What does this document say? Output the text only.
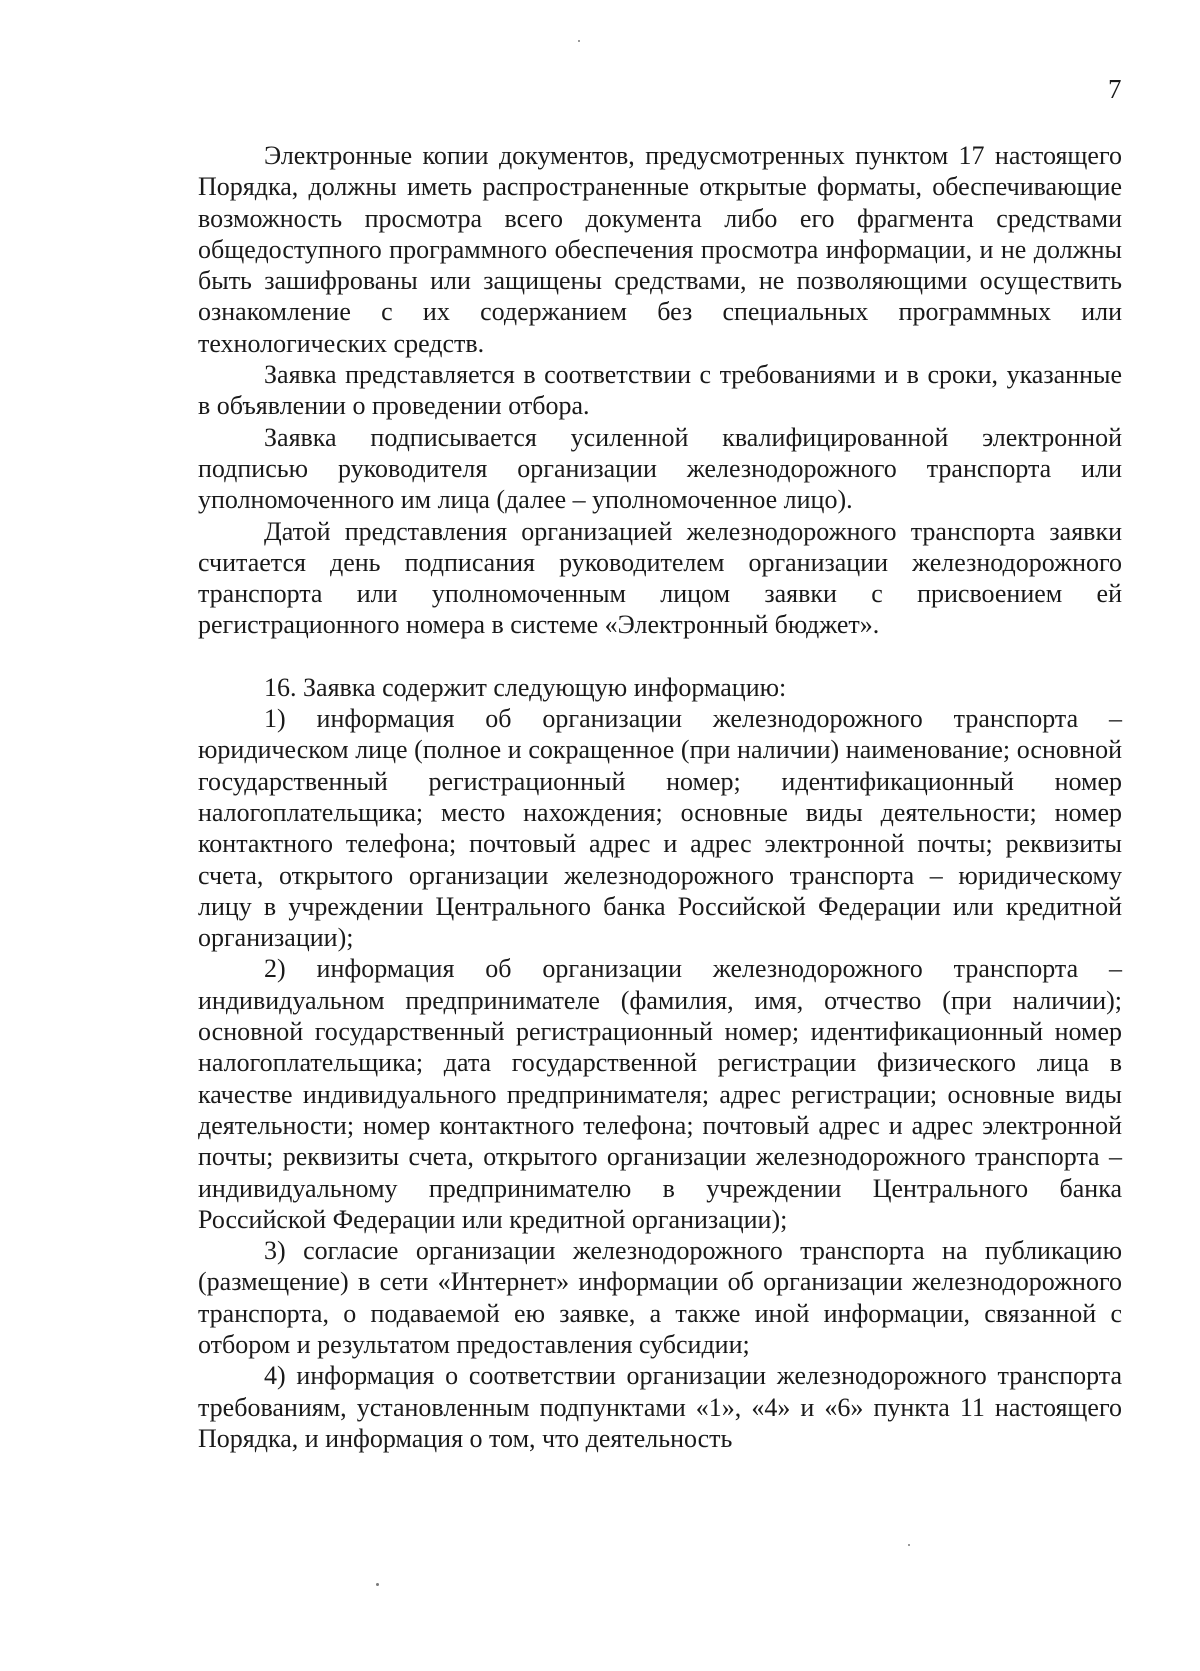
7

Электронные копии документов, предусмотренных пунктом 17 настоящего Порядка, должны иметь распространенные открытые форматы, обеспечивающие возможность просмотра всего документа либо его фрагмента средствами общедоступного программного обеспечения просмотра информации, и не должны быть зашифрованы или защищены средствами, не позволяющими осуществить ознакомление с их содержанием без специальных программных или технологических средств.

Заявка представляется в соответствии с требованиями и в сроки, указанные в объявлении о проведении отбора.

Заявка подписывается усиленной квалифицированной электронной подписью руководителя организации железнодорожного транспорта или уполномоченного им лица (далее – уполномоченное лицо).

Датой представления организацией железнодорожного транспорта заявки считается день подписания руководителем организации железнодорожного транспорта или уполномоченным лицом заявки с присвоением ей регистрационного номера в системе «Электронный бюджет».

16. Заявка содержит следующую информацию:

1) информация об организации железнодорожного транспорта – юридическом лице (полное и сокращенное (при наличии) наименование; основной государственный регистрационный номер; идентификационный номер налогоплательщика; место нахождения; основные виды деятельности; номер контактного телефона; почтовый адрес и адрес электронной почты; реквизиты счета, открытого организации железнодорожного транспорта – юридическому лицу в учреждении Центрального банка Российской Федерации или кредитной организации);

2) информация об организации железнодорожного транспорта – индивидуальном предпринимателе (фамилия, имя, отчество (при наличии); основной государственный регистрационный номер; идентификационный номер налогоплательщика; дата государственной регистрации физического лица в качестве индивидуального предпринимателя; адрес регистрации; основные виды деятельности; номер контактного телефона; почтовый адрес и адрес электронной почты; реквизиты счета, открытого организации железнодорожного транспорта – индивидуальному предпринимателю в учреждении Центрального банка Российской Федерации или кредитной организации);

3) согласие организации железнодорожного транспорта на публикацию (размещение) в сети «Интернет» информации об организации железнодорожного транспорта, о подаваемой ею заявке, а также иной информации, связанной с отбором и результатом предоставления субсидии;

4) информация о соответствии организации железнодорожного транспорта требованиям, установленным подпунктами «1», «4» и «6» пункта 11 настоящего Порядка, и информация о том, что деятельность
